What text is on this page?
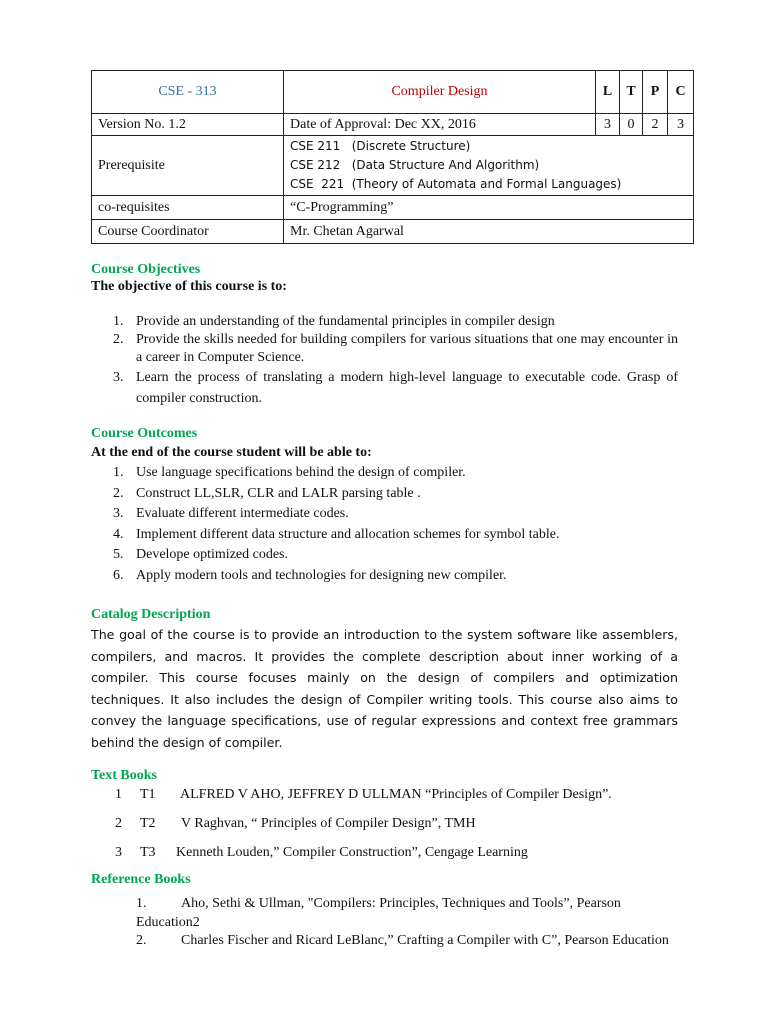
CSE - 313	Compiler Design	L	T	P	C
Version No. 1.2	Date of Approval: Dec XX, 2016	3	0	2	3
Prerequisite	CSE 211   (Discrete Structure)
CSE 212   (Data Structure And Algorithm)
CSE  221  (Theory of Automata and Formal Languages)				

co-requisites	“C-Programming”				
Course Coordinator	Mr. Chetan Agarwal				
Course Objectives
The objective of this course is to:
1. Provide an understanding of the fundamental principles in compiler design
2. Provide the skills needed for building compilers for various situations that one may encounter in a career in Computer Science.
3. Learn the process of translating a modern high-level language to executable code. Grasp of compiler construction.
Course Outcomes
At the end of the course student will be able to:
1. Use language specifications behind the design of compiler.
2. Construct LL,SLR, CLR and LALR parsing table .
3. Evaluate different intermediate codes.
4. Implement different data structure and allocation schemes for symbol table.
5. Develope optimized codes.
6. Apply modern tools and technologies for designing new compiler.
Catalog Description
The goal of the course is to provide an introduction to the system software like assemblers, compilers, and macros. It provides the complete description about inner working of a compiler. This course focuses mainly on the design of compilers and optimization techniques. It also includes the design of Compiler writing tools. This course also aims to convey the language specifications, use of regular expressions and context free grammars behind the design of compiler.
Text Books
1 T1 ALFRED V AHO, JEFFREY D ULLMAN “Principles of Compiler Design”.
2 T2 V Raghvan, “ Principles of Compiler Design”, TMH
3 T3 Kenneth Louden,” Compiler Construction”, Cengage Learning
Reference Books
1. Aho, Sethi & Ullman, "Compilers: Principles, Techniques and Tools”, Pearson Education2
2. Charles Fischer and Ricard LeBlanc,” Crafting a Compiler with C”, Pearson Education
